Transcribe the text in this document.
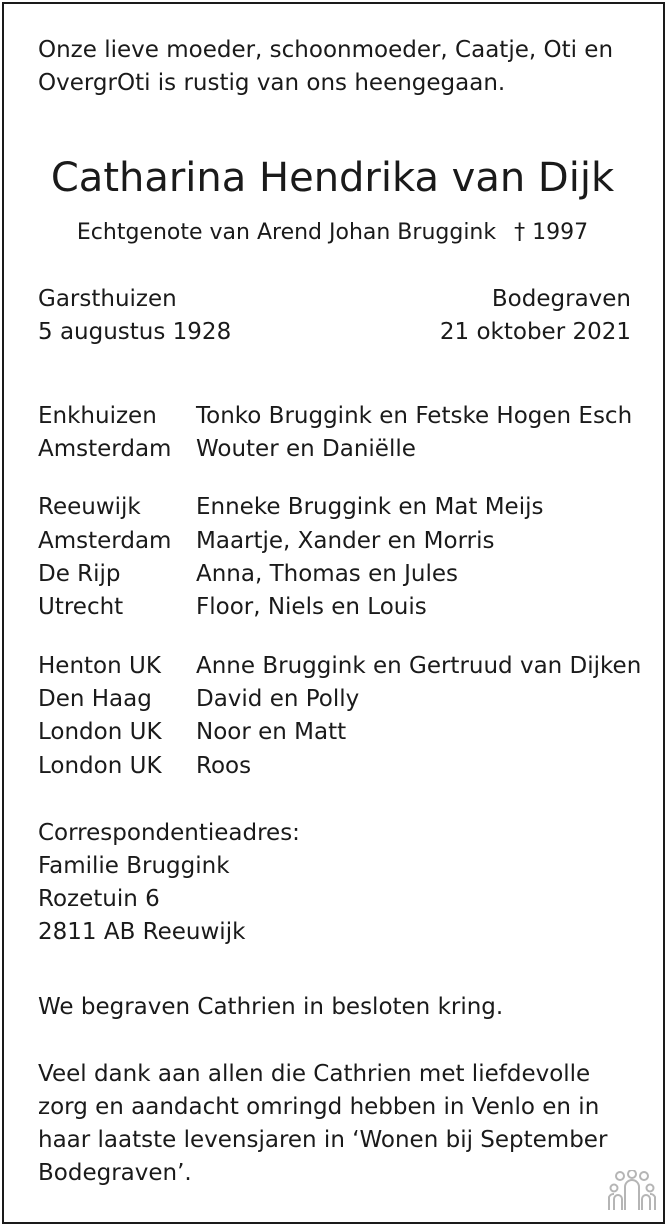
Onze lieve moeder, schoonmoeder, Caatje, Oti en
OvergrOti is rustig van ons heengegaan.
Catharina Hendrika van Dijk
Echtgenote van Arend Johan Bruggink † 1997
Garsthuizen
5 augustus 1928
Bodegraven
21 oktober 2021
Enkhuizen Tonko Bruggink en Fetske Hogen Esch
Amsterdam Wouter en Daniëlle
Reeuwijk Enneke Bruggink en Mat Meijs
Amsterdam Maartje, Xander en Morris
De Rijp	Anna, Thomas en Jules
Utrecht	Floor, Niels en Louis
Henton UK Anne Bruggink en Gertruud van Dijken
Den Haag David en Polly
London UK Noor en Matt
London UK Roos
Correspondentieadres:
Familie Bruggink
Rozetuin 6
2811 AB Reeuwijk
We begraven Cathrien in besloten kring.
Veel dank aan allen die Cathrien met liefdevolle
zorg en aandacht omringd hebben in Venlo en in
haar laatste levensjaren in ‘Wonen bij September
Bodegraven’.
